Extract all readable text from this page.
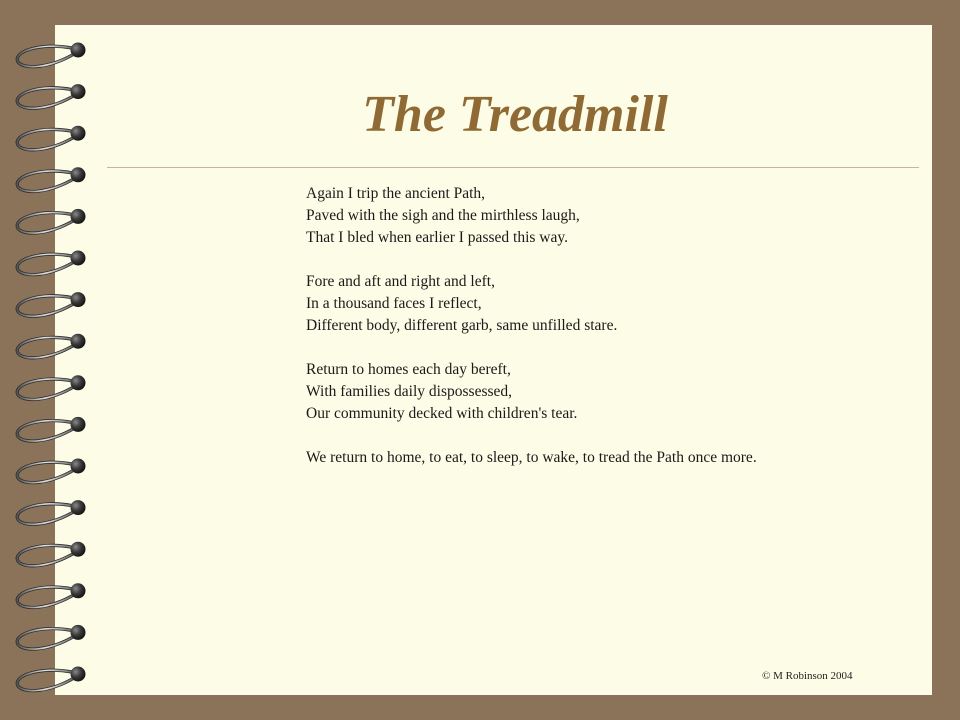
The Treadmill
Again I trip the ancient Path,
Paved with the sigh and the mirthless laugh,
That I bled when earlier I passed this way.
Fore and aft and right and left,
In a thousand faces I reflect,
Different body, different garb, same unfilled stare.
Return to homes each day bereft,
With families daily dispossessed,
Our community decked with children's tear.
We return to home, to eat, to sleep, to wake, to tread the Path once more.
© M Robinson 2004
